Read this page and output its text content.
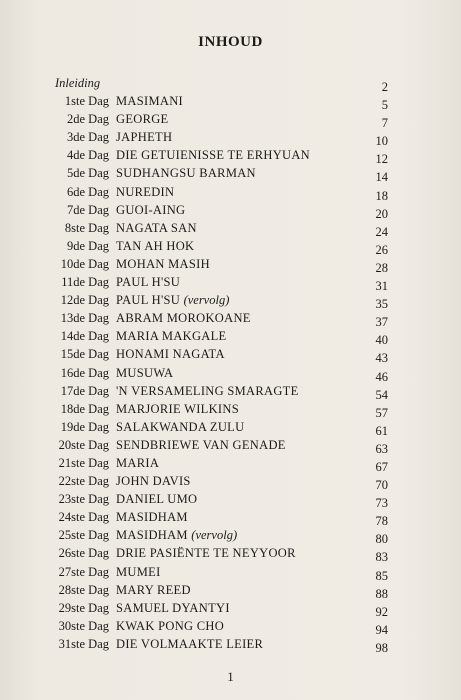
INHOUD
Inleiding	2
1ste Dag MASIMANI	5
2de Dag GEORGE	7
3de Dag JAPHETH	10
4de Dag DIE GETUIENISSE TE ERHYUAN	12
5de Dag SUDHANGSU BARMAN	14
6de Dag NUREDIN	18
7de Dag GUOI-AING	20
8ste Dag NAGATA SAN	24
9de Dag TAN AH HOK	26
10de Dag MOHAN MASIH	28
11de Dag PAUL H'SU	31
12de Dag PAUL H'SU (vervolg)	35
13de Dag ABRAM MOROKOANE	37
14de Dag MARIA MAKGALE	40
15de Dag HONAMI NAGATA	43
16de Dag MUSUWA	46
17de Dag 'N VERSAMELING SMARAGTE	54
18de Dag MARJORIE WILKINS	57
19de Dag SALAKWANDA ZULU	61
20ste Dag SENDBRIEWE VAN GENADE	63
21ste Dag MARIA	67
22ste Dag JOHN DAVIS	70
23ste Dag DANIEL UMO	73
24ste Dag MASIDHAM	78
25ste Dag MASIDHAM (vervolg)	80
26ste Dag DRIE PASIËNTE TE NEYYOOR	83
27ste Dag MUMEI	85
28ste Dag MARY REED	88
29ste Dag SAMUEL DYANTYI	92
30ste Dag KWAK PONG CHO	94
31ste Dag DIE VOLMAAKTE LEIER	98
1
